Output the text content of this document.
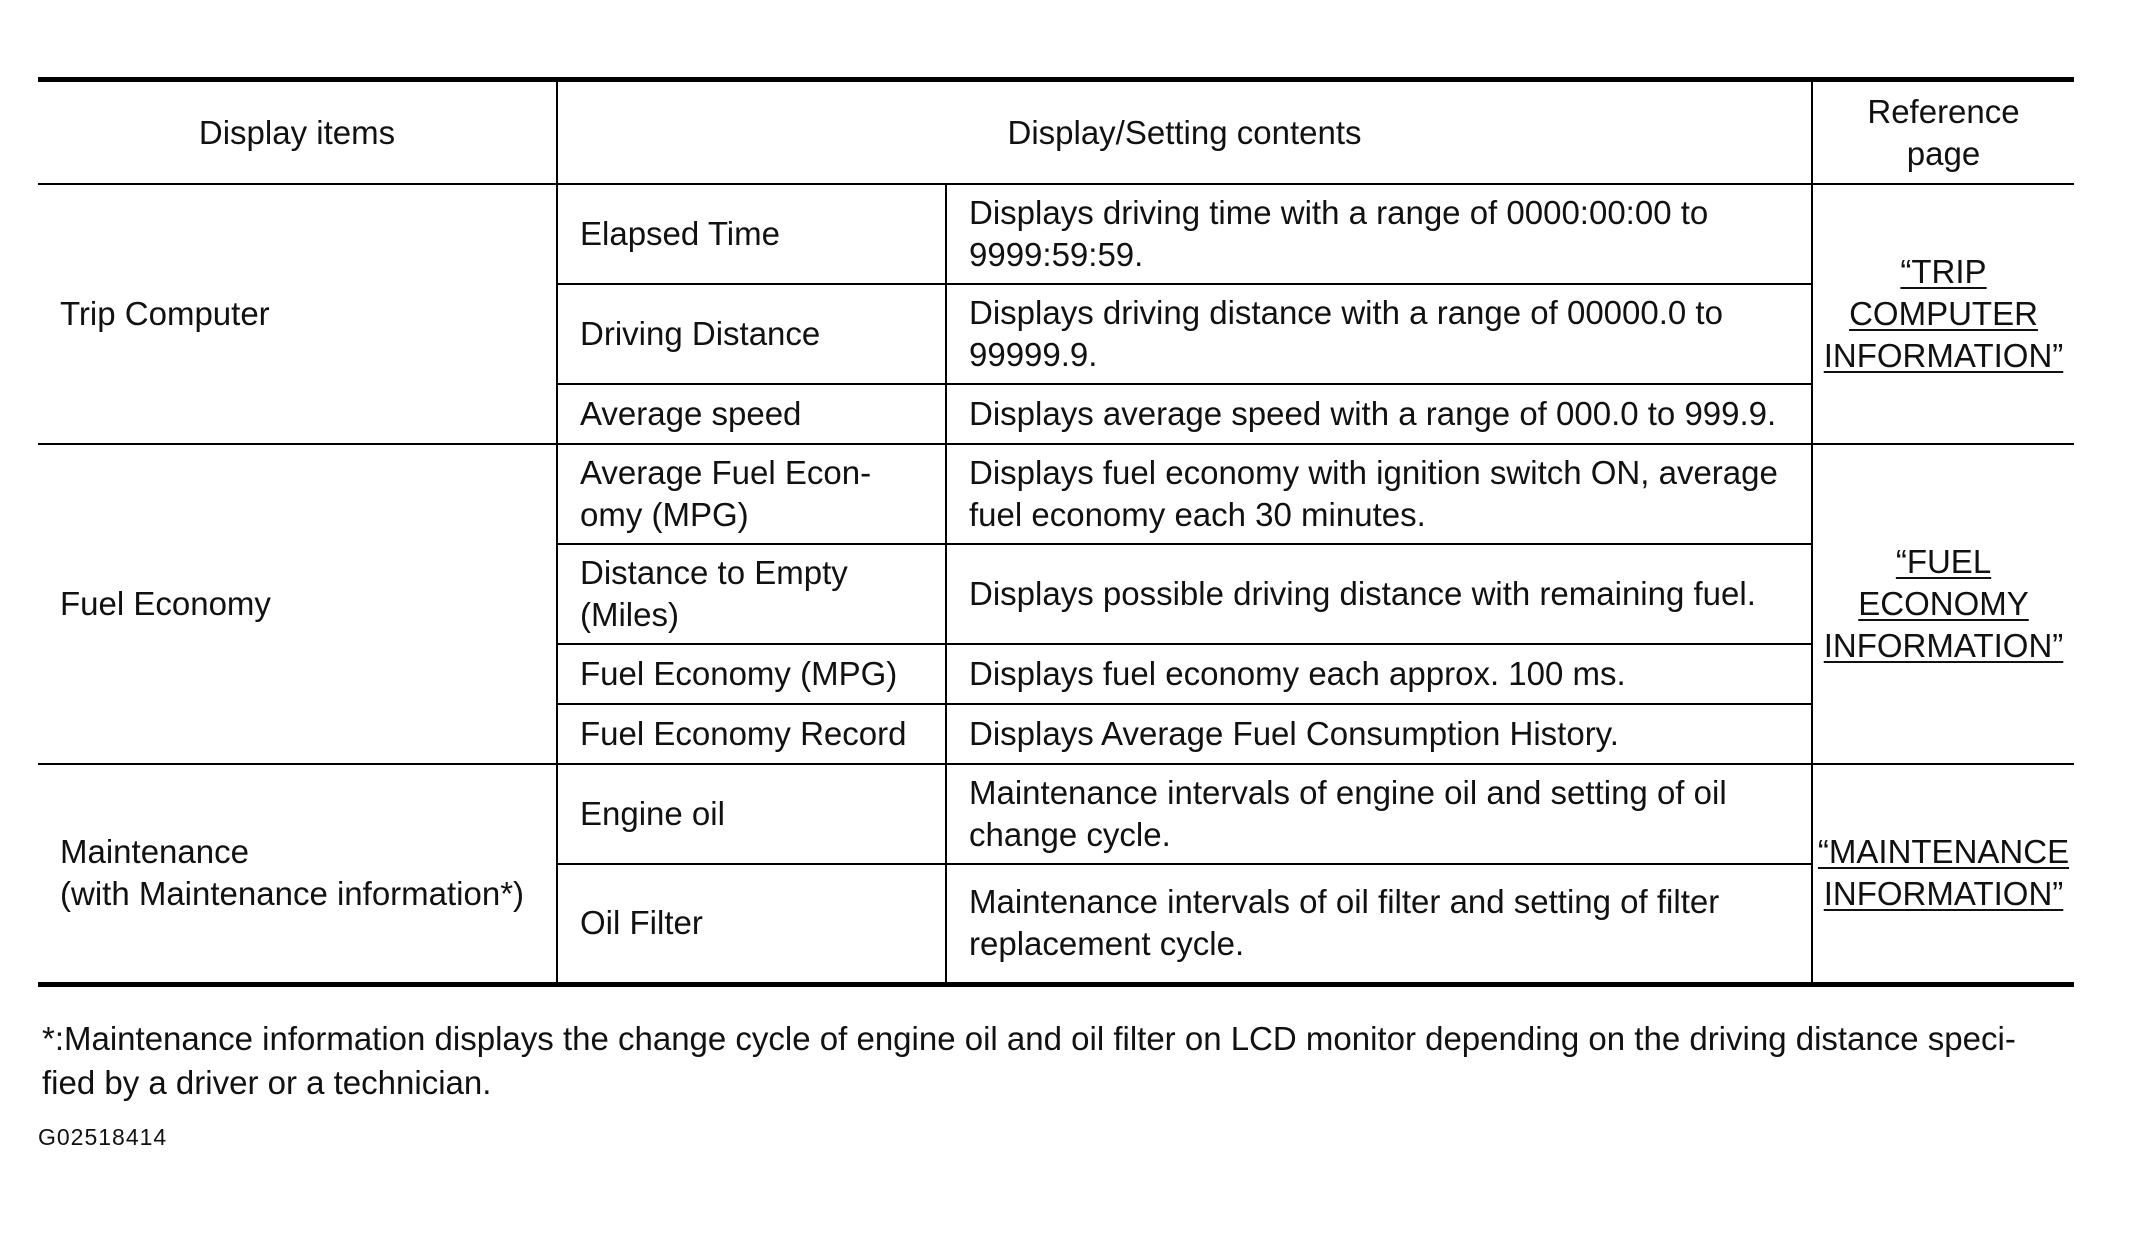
Display items	Display/Setting contents		Reference
page
Trip Computer	Elapsed Time	Displays driving time with a range of 0000:00:00 to
9999:59:59.	“TRIP COMPUTER
INFORMATION”
	Driving Distance	Displays driving distance with a range of 00000.0 to
99999.9.	
	Average speed	Displays average speed with a range of 000.0 to 999.9.	
Fuel Economy	Average Fuel Econ-
omy (MPG)	Displays fuel economy with ignition switch ON, average
fuel economy each 30 minutes.	“FUEL ECONOMY
INFORMATION”
	Distance to Empty
(Miles)	Displays possible driving distance with remaining fuel.	
	Fuel Economy (MPG)	Displays fuel economy each approx. 100 ms.	
	Fuel Economy Record	Displays Average Fuel Consumption History.	
Maintenance
(with Maintenance information*)	Engine oil	Maintenance intervals of engine oil and setting of oil
change cycle.	“MAINTENANCE
INFORMATION”
	Oil Filter	Maintenance intervals of oil filter and setting of filter
replacement cycle.	
*:Maintenance information displays the change cycle of engine oil and oil filter on LCD monitor depending on the driving distance speci-
fied by a driver or a technician.
G02518414
